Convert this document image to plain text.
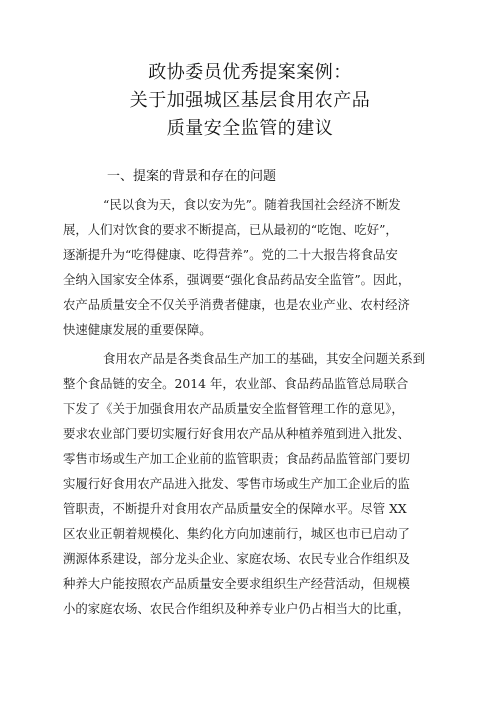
政协委员优秀提案案例：
关于加强城区基层食用农产品
质量安全监管的建议
一、提案的背景和存在的问题
“民以食为天，食以安为先”。随着我国社会经济不断发
展，人们对饮食的要求不断提高，已从最初的“吃饱、吃好”，
逐渐提升为“吃得健康、吃得营养”。党的二十大报告将食品安
全纳入国家安全体系，强调要“强化食品药品安全监管”。因此，
农产品质量安全不仅关乎消费者健康，也是农业产业、农村经济
快速健康发展的重要保障。
食用农产品是各类食品生产加工的基础，其安全问题关系到
整个食品链的安全。2014 年，农业部、食品药品监管总局联合
下发了《关于加强食用农产品质量安全监督管理工作的意见》，
要求农业部门要切实履行好食用农产品从种植养殖到进入批发、
零售市场或生产加工企业前的监管职责；食品药品监管部门要切
实履行好食用农产品进入批发、零售市场或生产加工企业后的监
管职责，不断提升对食用农产品质量安全的保障水平。尽管 XX
区农业正朝着规模化、集约化方向加速前行，城区也市已启动了
溯源体系建设，部分龙头企业、家庭农场、农民专业合作组织及
种养大户能按照农产品质量安全要求组织生产经营活动，但规模
小的家庭农场、农民合作组织及种养专业户仍占相当大的比重，
